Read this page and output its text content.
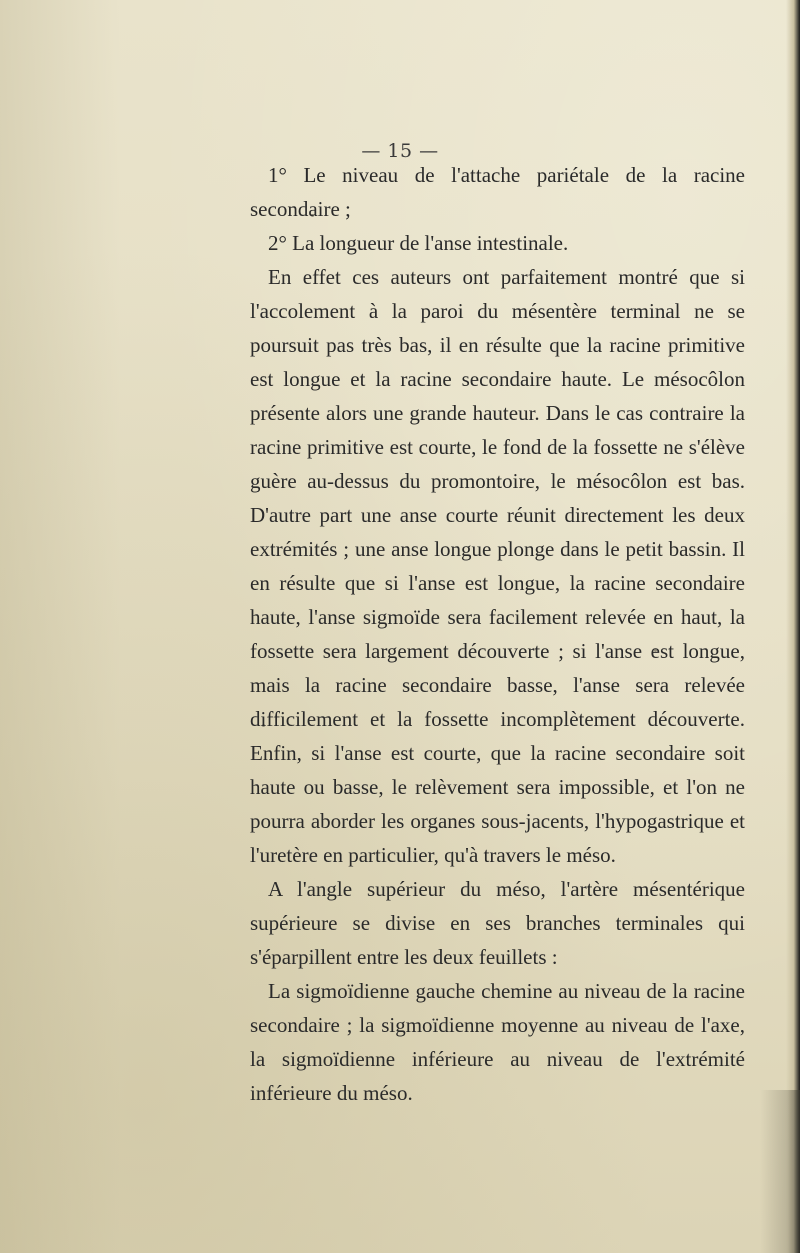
— 15 —

1° Le niveau de l'attache pariétale de la racine secondaire ;

2° La longueur de l'anse intestinale.

En effet ces auteurs ont parfaitement montré que si l'accolement à la paroi du mésentère terminal ne se poursuit pas très bas, il en résulte que la racine primitive est longue et la racine secondaire haute. Le mésocôlon présente alors une grande hauteur. Dans le cas contraire la racine primitive est courte, le fond de la fossette ne s'élève guère au-dessus du promontoire, le mésocôlon est bas. D'autre part une anse courte réunit directement les deux extrémités ; une anse longue plonge dans le petit bassin. Il en résulte que si l'anse est longue, la racine secondaire haute, l'anse sigmoïde sera facilement relevée en haut, la fossette sera largement découverte ; si l'anse est longue, mais la racine secondaire basse, l'anse sera relevée difficilement et la fossette incomplètement découverte. Enfin, si l'anse est courte, que la racine secondaire soit haute ou basse, le relèvement sera impossible, et l'on ne pourra aborder les organes sous-jacents, l'hypogastrique et l'uretère en particulier, qu'à travers le méso.

A l'angle supérieur du méso, l'artère mésentérique supérieure se divise en ses branches terminales qui s'éparpillent entre les deux feuillets :

La sigmoïdienne gauche chemine au niveau de la racine secondaire ; la sigmoïdienne moyenne au niveau de l'axe, la sigmoïdienne inférieure au niveau de l'extrémité inférieure du méso.
